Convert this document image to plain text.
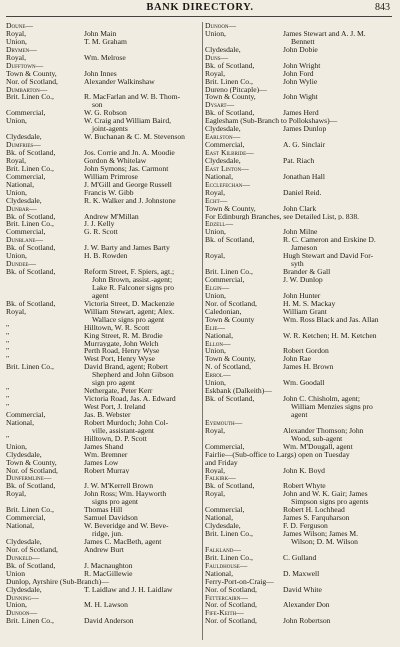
BANK DIRECTORY.	843
Doune—
Royal,	John Main
Union,	T. M. Graham
Drymen—
Royal,	Wm. Melrose
Dufftown—
Town & County,	John Innes
Nor. of Scotland,	Alexander Walkinshaw
Dumbarton—
Brit. Linen Co.,	R. MacFarlan and W. B. Thom-
son
Commercial,	W. G. Robson
Union,	W. Craig and William Baird,
joint-agents
Clydesdale,	W. Buchanan & C. M. Stevenson
Dumfries—
Bk. of Scotland,	Jos. Corrie and Jn. A. Moodie
Royal,	Gordon & Whitelaw
Brit. Linen Co.,	John Symons; Jas. Carmont
Commercial,	William Primrose
National,	J. M'Gill and George Russell
Union,	Francis W. Gibb
Clydesdale,	R. K. Walker and J. Johnstone
Dunbar—
Bk. of Scotland,	Andrew M'Millan
Brit. Linen Co.,	J. J. Kelly
Commercial,	G. R. Scott
Dunblane—
Bk. of Scotland,	J. W. Barty and James Barty
Union,	H. B. Rowden
Dundee—
Bk. of Scotland,	Reform Street, F. Spiers, agt.;
John Brown, assist.-agent;
Lake R. Falconer signs pro
agent
Bk. of Scotland,	Victoria Street, D. Mackenzie
Royal,	William Stewart, agent; Alex.
Wallace signs pro agent
"	Hilltown, W. R. Scott
"	King Street, R. M. Brodie
"	Murraygate, John Welch
"	Perth Road, Henry Wyse
"	West Port, Henry Wyse
Brit. Linen Co.,	David Brand, agent; Robert
Shepherd and John Gibson
sign pro agent
"	Nethergate, Peter Kerr
"	Victoria Road, Jas. A. Edward
"	West Port, J. Ireland
Commercial,	Jas. B. Webster
National,	Robert Murdoch; John Col-
ville, assistant-agent
"	Hilltown, D. P. Scott
Union,	James Shand
Clydesdale,	Wm. Bremner
Town & County,	James Low
Nor. of Scotland,	Robert Murray
Dunfermline—
Bk. of Scotland,	J. W. M'Kerrell Brown
Royal,	John Ross; Wm. Hayworth
signs pro agent
Brit. Linen Co.,	Thomas Hill
Commercial,	Samuel Davidson
National,	W. Beveridge and W. Beve-
ridge, jun.
Clydesdale,	James C. MacBeth, agent
Nor. of Scotland,	Andrew Burt
Dunkeld—
Bk. of Scotland,	J. Macnaughton
Union	R. MacGillewie
Dunlop, Ayrshire (Sub-Branch)—
Clydesdale,	T. Laidlaw and J. H. Laidlaw
Dunning—
Union,	M. H. Lawson
Dunoon—
Brit. Linen Co.,	David Anderson
Dunoon—
Union,	James Stewart and A. J. M.
Bennett
Clydesdale,	John Dobie
Duns—
Bk. of Scotland,	John Wright
Royal,	John Ford
Brit. Linen Co.,	John Wylie
Dureno (Pitcaple)—
Town & County,	John Wight
Dysart—
Bk. of Scotland,	James Herd
Eaglesham (Sub-Branch to Pollokshaws)—
Clydesdale,	James Dunlop
Earlston—
Commercial,	A. G. Sinclair
East Kilbride—
Clydesdale,	Pat. Riach
East Linton—
National,	Jonathan Hall
Ecclefechan—
Royal,	Daniel Reid.
Echt—
Town & County,	John Clark
For Edinburgh Branches, see Detailed List, p. 838.
Edzell—
Union,	John Milne
Bk. of Scotland,	R. C. Cameron and Erskine D.
Jameson
Royal,	Hugh Stewart and David For-
syth
Brit. Linen Co.,	Brander & Gall
Commercial,	J. W. Dunlop
Elgin—
Union,	John Hunter
Nor. of Scotland,	H. M. S. Mackay
Caledonian,	William Grant
Town & County	Wm. Ross Black and Jas. Allan
Elie—
National,	W. R. Ketchen; H. M. Ketchen
Ellon—
Union,	Robert Gordon
Town & County,	John Rae
N. of Scotland,	James H. Brown
Errol—
Union,	Wm. Goodall
Eskbank (Dalkeith)—
Bk. of Scotland,	John C. Chisholm, agent;
William Menzies signs pro
agent
Eyemouth—
Royal,	Alexander Thomson; John
Wood, sub-agent
Commercial,	Wm. M'Dougall, agent
Fairlie—(Sub-office to Largs) open on Tuesday
and Friday
Royal,	John K. Boyd
Falkirk—
Bk. of Scotland,	Robert Whyte
Royal,	John and W. K. Gair; James
Simpson signs pro agents
Commercial,	Robert H. Lochhead
National,	James S. Farquharson
Clydesdale,	F. D. Ferguson
Brit. Linen Co.,	James Wilson; James M.
Wilson; D. M. Wilson
Falkland—
Brit. Linen Co.,	C. Gulland
Fauldhouse—
National,	D. Maxwell
Ferry-Port-on-Craig—
Nor. of Scotland,	David White
Fettercairn—
Nor. of Scotland,	Alexander Don
Fife-Keith—
Nor. of Scotland,	John Robertson
